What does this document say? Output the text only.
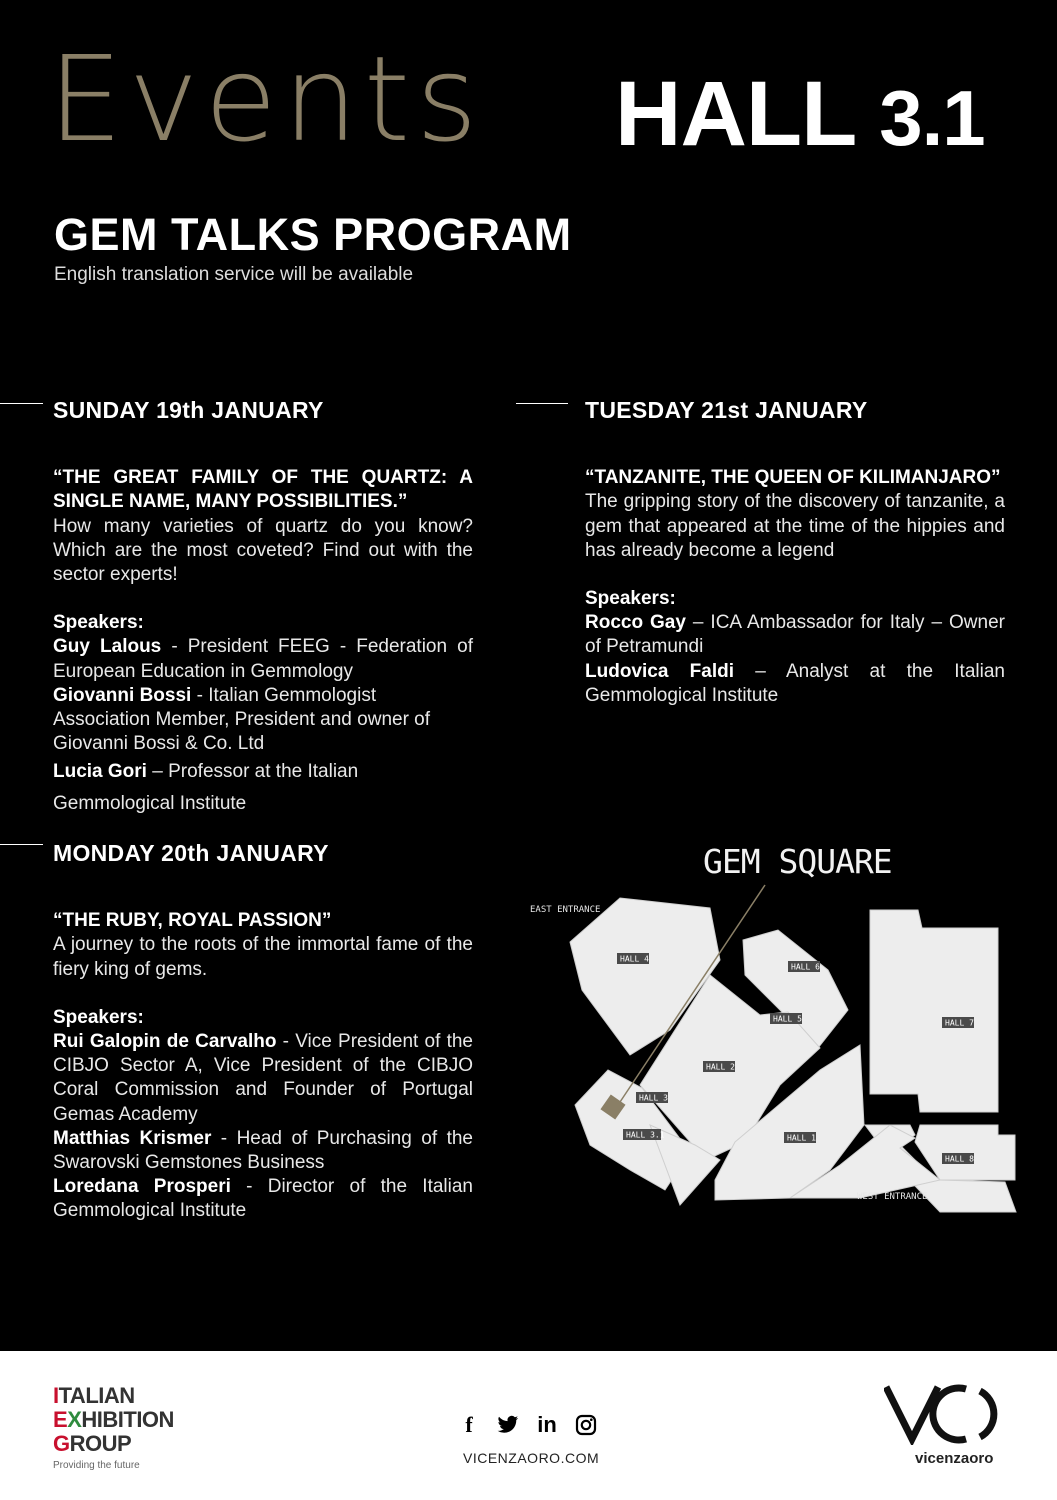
Events HALL 3.1
GEM TALKS PROGRAM
English translation service will be available
SUNDAY 19th JANUARY
“THE GREAT FAMILY OF THE QUARTZ: A SINGLE NAME, MANY POSSIBILITIES.”
How many varieties of quartz do you know? Which are the most coveted? Find out with the sector experts!
Speakers:
Guy Lalous - President FEEG - Federation of European Education in Gemmology
Giovanni Bossi - Italian Gemmologist Association Member, President and owner of Giovanni Bossi & Co. Ltd
Lucia Gori – Professor at the Italian Gemmological Institute
MONDAY 20th JANUARY
“THE RUBY, ROYAL PASSION”
A journey to the roots of the immortal fame of the fiery king of gems.
Speakers:
Rui Galopin de Carvalho - Vice President of the CIBJO Sector A, Vice President of the CIBJO Coral Commission and Founder of Portugal Gemas Academy
Matthias Krismer - Head of Purchasing of the Swarovski Gemstones Business
Loredana Prosperi - Director of the Italian Gemmological Institute
TUESDAY 21st JANUARY
“TANZANITE, THE QUEEN OF KILIMANJARO”
The gripping story of the discovery of tanzanite, a gem that appeared at the time of the hippies and has already become a legend
Speakers:
Rocco Gay – ICA Ambassador for Italy – Owner of Petramundi
Ludovica Faldi – Analyst at the Italian Gemmological Institute
GEM SQUARE
HALL 4
HALL 6
HALL 5	HALL 7
HALL 2
HALL 3
HALL 3.1	HALL 1
HALL 8
EAST ENTRANCE
WEST ENTRANCE
ITALIAN
EXHIBITION
GROUP
Providing the future
f	in
VICENZAORO.COM	vicenzaoro
